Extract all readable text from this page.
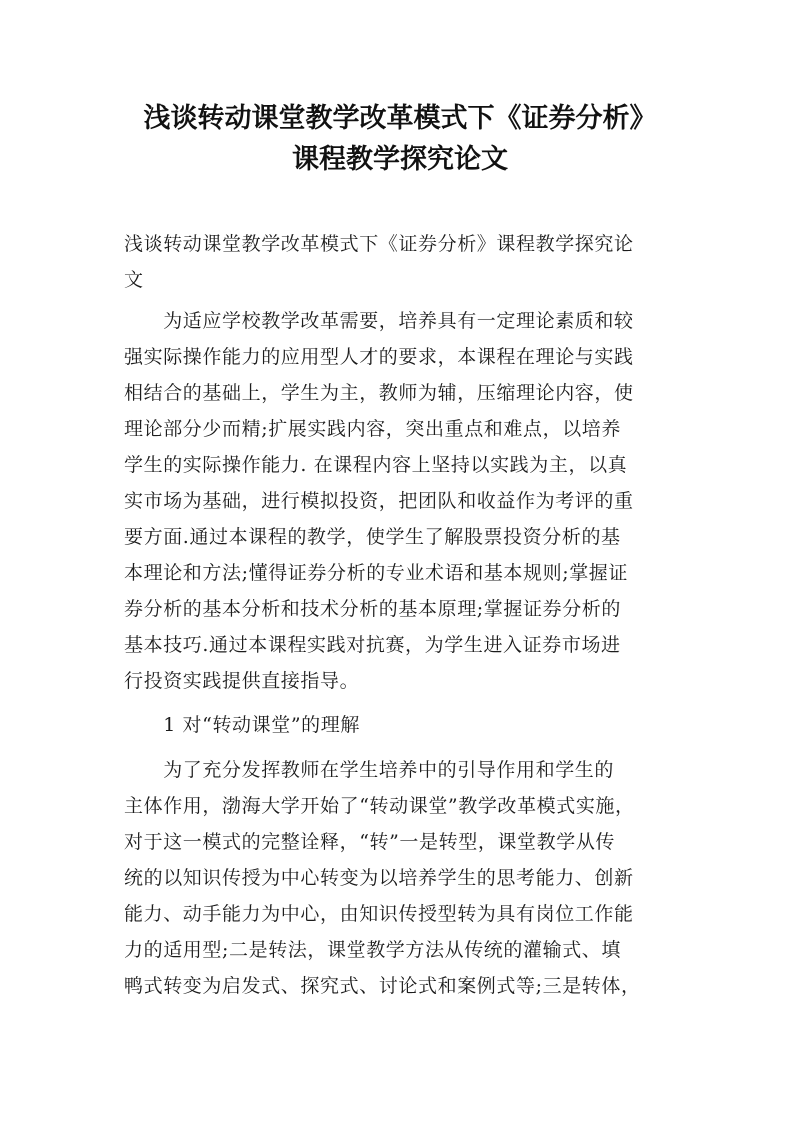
浅谈转动课堂教学改革模式下《证券分析》
课程教学探究论文

浅谈转动课堂教学改革模式下《证券分析》课程教学探究论

文

　　为适应学校教学改革需要，培养具有一定理论素质和较

强实际操作能力的应用型人才的要求，本课程在理论与实践

相结合的基础上，学生为主，教师为辅，压缩理论内容，使

理论部分少而精;扩展实践内容，突出重点和难点，以培养

学生的实际操作能力. 在课程内容上坚持以实践为主，以真

实市场为基础，进行模拟投资，把团队和收益作为考评的重

要方面.通过本课程的教学，使学生了解股票投资分析的基

本理论和方法;懂得证券分析的专业术语和基本规则;掌握证

券分析的基本分析和技术分析的基本原理;掌握证券分析的

基本技巧.通过本课程实践对抗赛，为学生进入证券市场进

行投资实践提供直接指导。

　　1 对“转动课堂”的理解

　　为了充分发挥教师在学生培养中的引导作用和学生的

主体作用，渤海大学开始了“转动课堂”教学改革模式实施，

对于这一模式的完整诠释，“转”一是转型，课堂教学从传

统的以知识传授为中心转变为以培养学生的思考能力、创新

能力、动手能力为中心，由知识传授型转为具有岗位工作能

力的适用型;二是转法，课堂教学方法从传统的灌输式、填

鸭式转变为启发式、探究式、讨论式和案例式等;三是转体，
